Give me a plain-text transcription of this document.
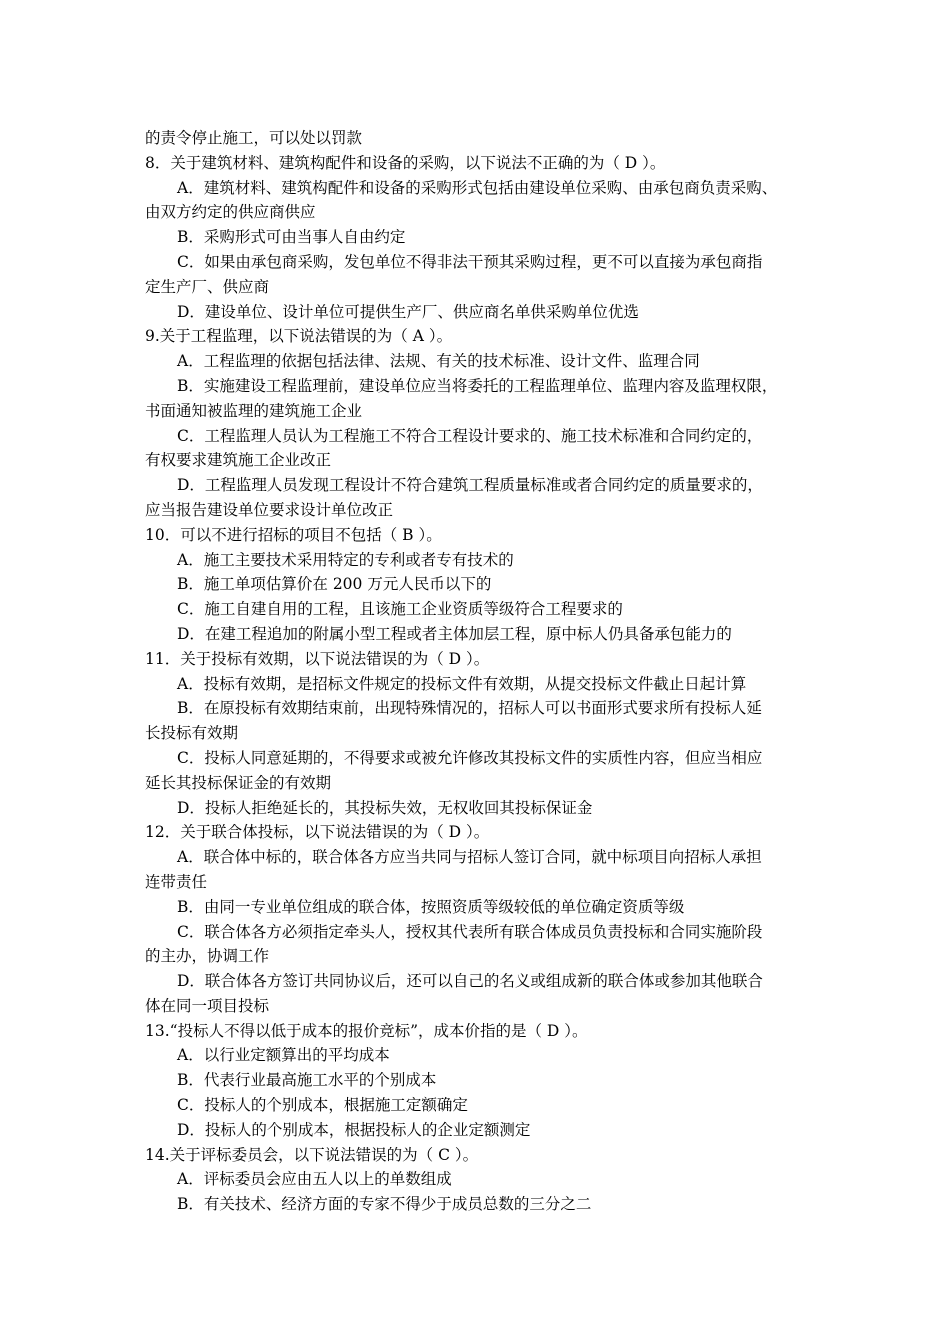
的责令停止施工，可以处以罚款
8．关于建筑材料、建筑构配件和设备的采购，以下说法不正确的为（ D ）。
A．建筑材料、建筑构配件和设备的采购形式包括由建设单位采购、由承包商负责采购、
由双方约定的供应商供应
B．采购形式可由当事人自由约定
C．如果由承包商采购，发包单位不得非法干预其采购过程，更不可以直接为承包商指
定生产厂、供应商
D．建设单位、设计单位可提供生产厂、供应商名单供采购单位优选
9.关于工程监理，以下说法错误的为（ A ）。
A．工程监理的依据包括法律、法规、有关的技术标准、设计文件、监理合同
B．实施建设工程监理前，建设单位应当将委托的工程监理单位、监理内容及监理权限，
书面通知被监理的建筑施工企业
C．工程监理人员认为工程施工不符合工程设计要求的、施工技术标准和合同约定的，
有权要求建筑施工企业改正
D．工程监理人员发现工程设计不符合建筑工程质量标准或者合同约定的质量要求的，
应当报告建设单位要求设计单位改正
10．可以不进行招标的项目不包括（ B ）。
A．施工主要技术采用特定的专利或者专有技术的
B．施工单项估算价在 200 万元人民币以下的
C．施工自建自用的工程，且该施工企业资质等级符合工程要求的
D．在建工程追加的附属小型工程或者主体加层工程，原中标人仍具备承包能力的
11．关于投标有效期，以下说法错误的为（ D ）。
A．投标有效期，是招标文件规定的投标文件有效期，从提交投标文件截止日起计算
B．在原投标有效期结束前，出现特殊情况的，招标人可以书面形式要求所有投标人延
长投标有效期
C．投标人同意延期的，不得要求或被允许修改其投标文件的实质性内容，但应当相应
延长其投标保证金的有效期
D．投标人拒绝延长的，其投标失效，无权收回其投标保证金
12．关于联合体投标，以下说法错误的为（ D ）。
A．联合体中标的，联合体各方应当共同与招标人签订合同，就中标项目向招标人承担
连带责任
B．由同一专业单位组成的联合体，按照资质等级较低的单位确定资质等级
C．联合体各方必须指定牵头人，授权其代表所有联合体成员负责投标和合同实施阶段
的主办，协调工作
D．联合体各方签订共同协议后，还可以自己的名义或组成新的联合体或参加其他联合
体在同一项目投标
13.“投标人不得以低于成本的报价竞标”，成本价指的是（ D ）。
A．以行业定额算出的平均成本
B．代表行业最高施工水平的个别成本
C．投标人的个别成本，根据施工定额确定
D．投标人的个别成本，根据投标人的企业定额测定
14.关于评标委员会，以下说法错误的为（ C ）。
A．评标委员会应由五人以上的单数组成
B．有关技术、经济方面的专家不得少于成员总数的三分之二
